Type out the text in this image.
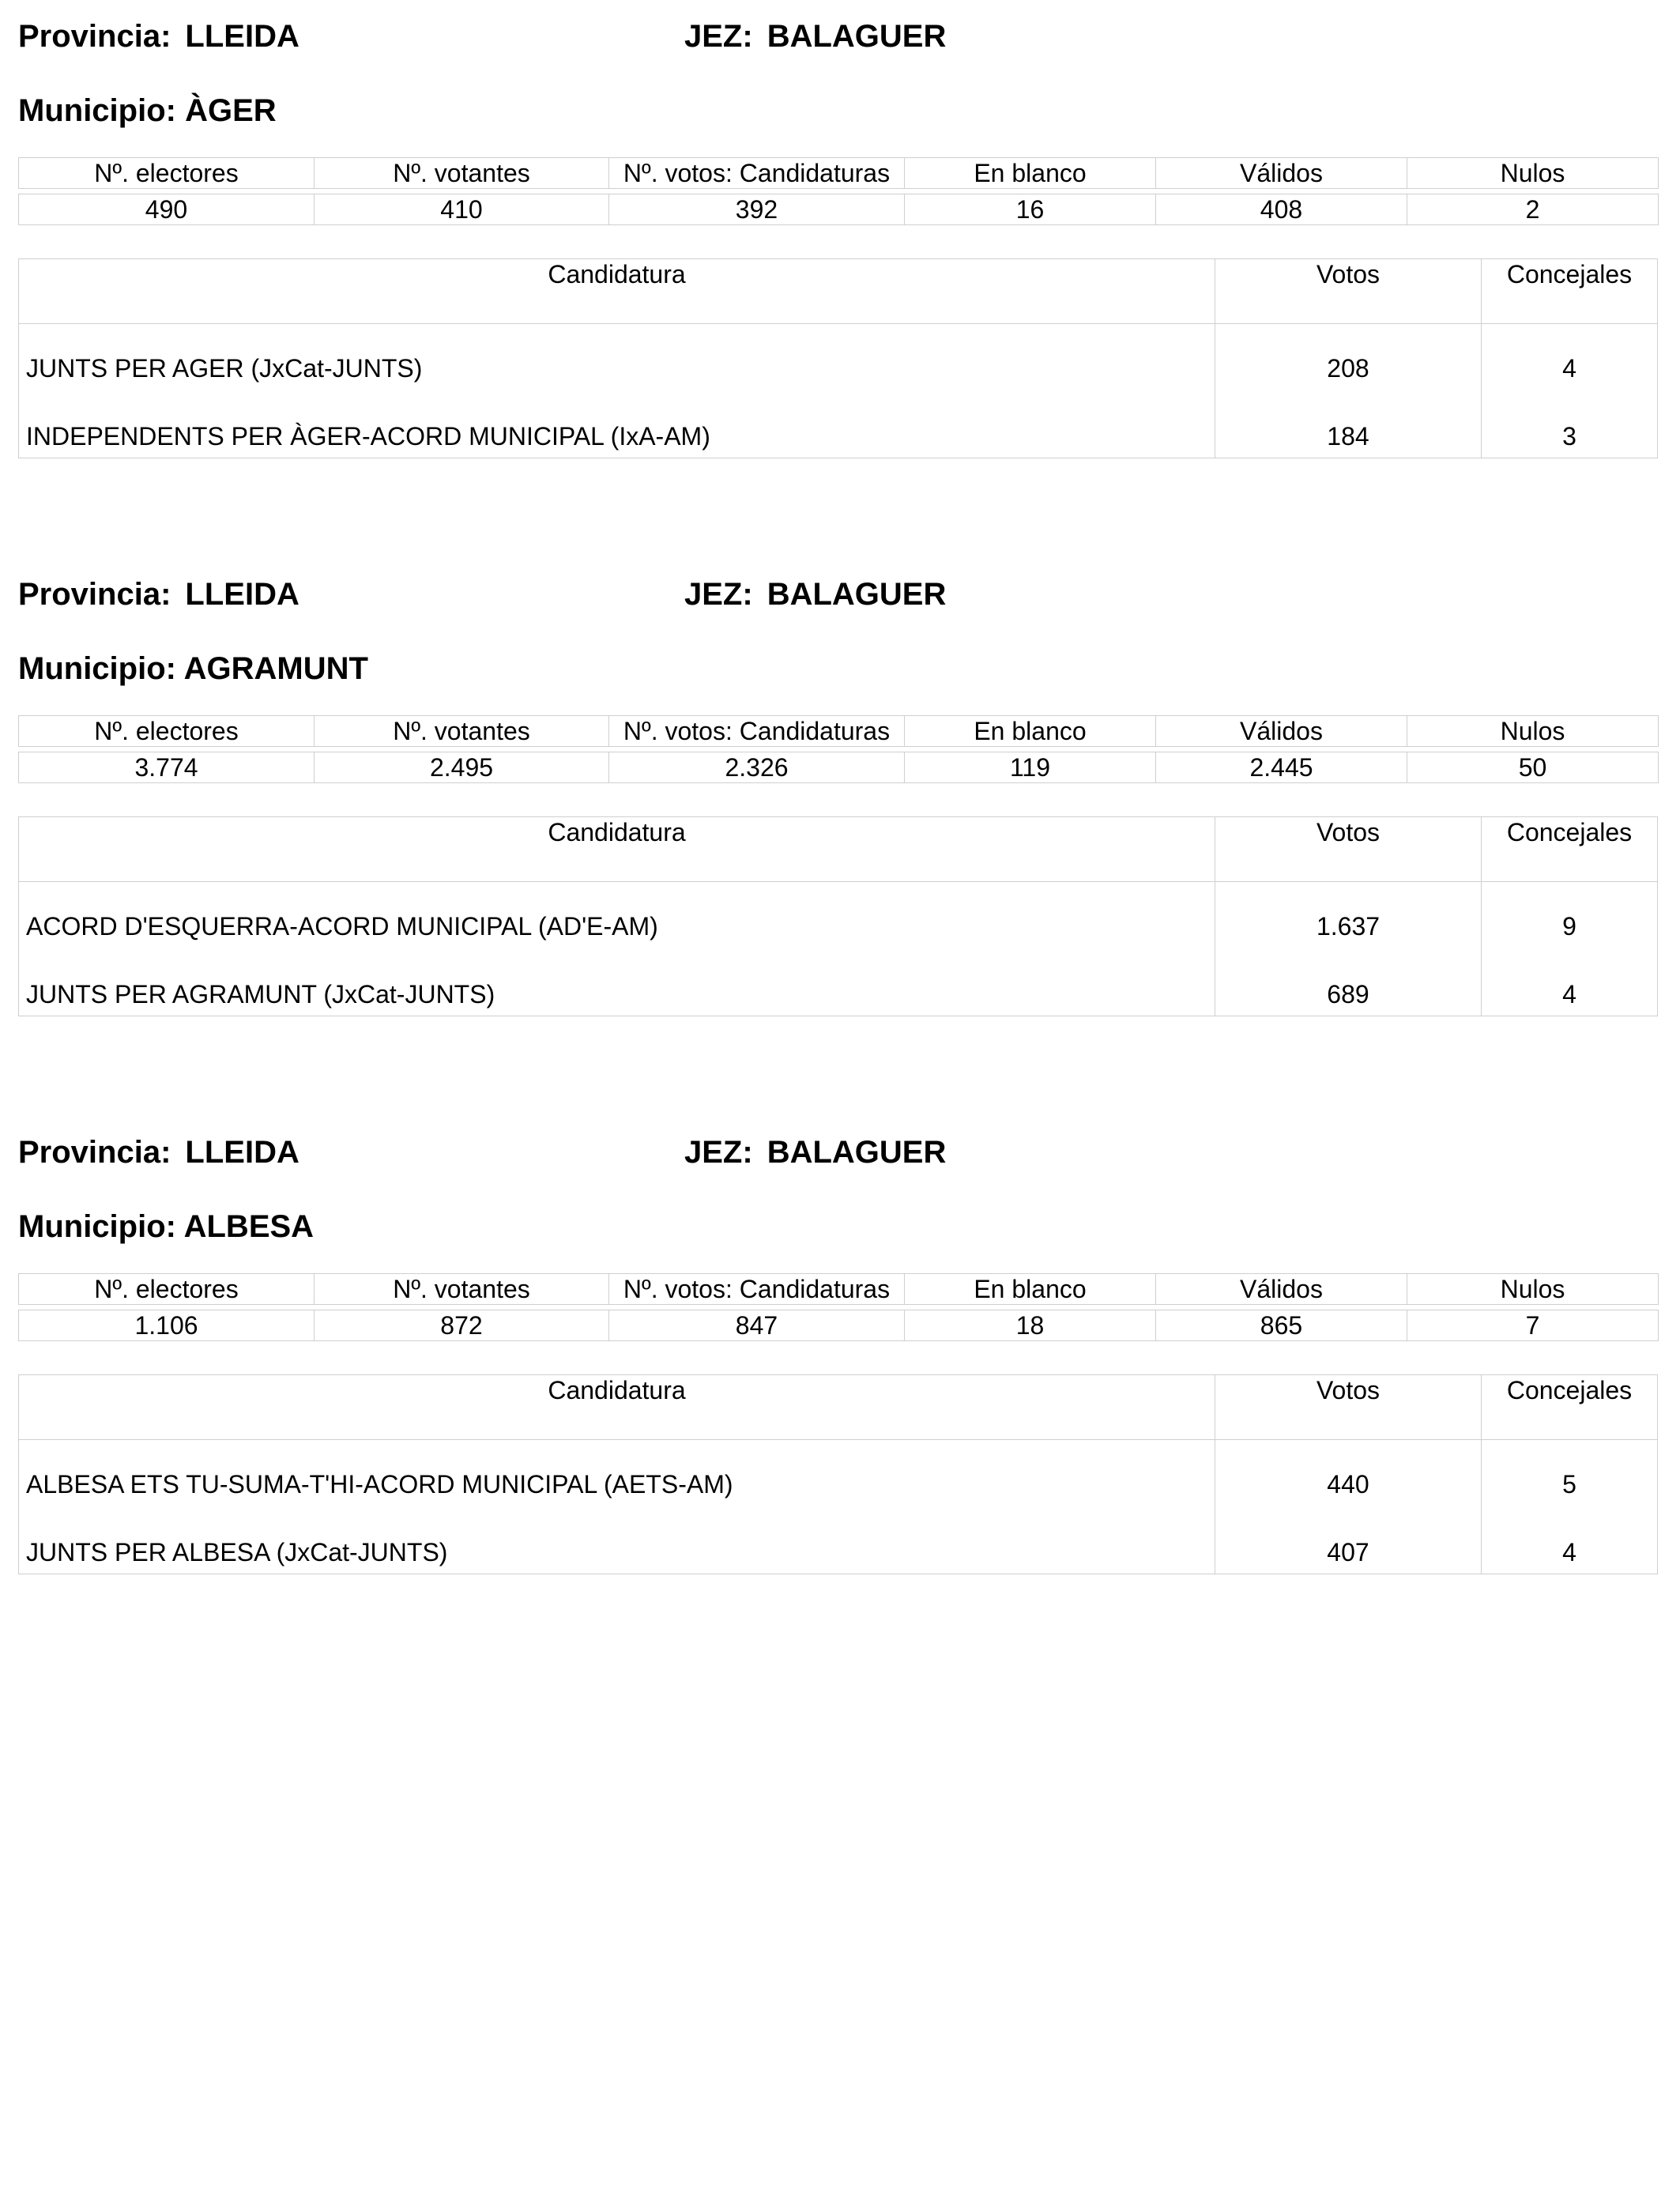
Provincia: LLEIDA	JEZ: BALAGUER
Municipio: ÀGER
Nº. electores	Nº. votantes	Nº. votos: Candidaturas	En blanco	Válidos	Nulos

490	410	392	16	408	2
Candidatura	Votos	Concejales
JUNTS PER AGER (JxCat-JUNTS)	208	4
INDEPENDENTS PER ÀGER-ACORD MUNICIPAL (IxA-AM)	184	3
Provincia: LLEIDA	JEZ: BALAGUER
Municipio: AGRAMUNT
Nº. electores	Nº. votantes	Nº. votos: Candidaturas	En blanco	Válidos	Nulos

3.774	2.495	2.326	119	2.445	50
Candidatura	Votos	Concejales
ACORD D'ESQUERRA-ACORD MUNICIPAL (AD'E-AM)	1.637	9
JUNTS PER AGRAMUNT (JxCat-JUNTS)	689	4
Provincia: LLEIDA	JEZ: BALAGUER
Municipio: ALBESA
Nº. electores	Nº. votantes	Nº. votos: Candidaturas	En blanco	Válidos	Nulos

1.106	872	847	18	865	7
Candidatura	Votos	Concejales
ALBESA ETS TU-SUMA-T'HI-ACORD MUNICIPAL (AETS-AM)	440	5
JUNTS PER ALBESA (JxCat-JUNTS)	407	4
